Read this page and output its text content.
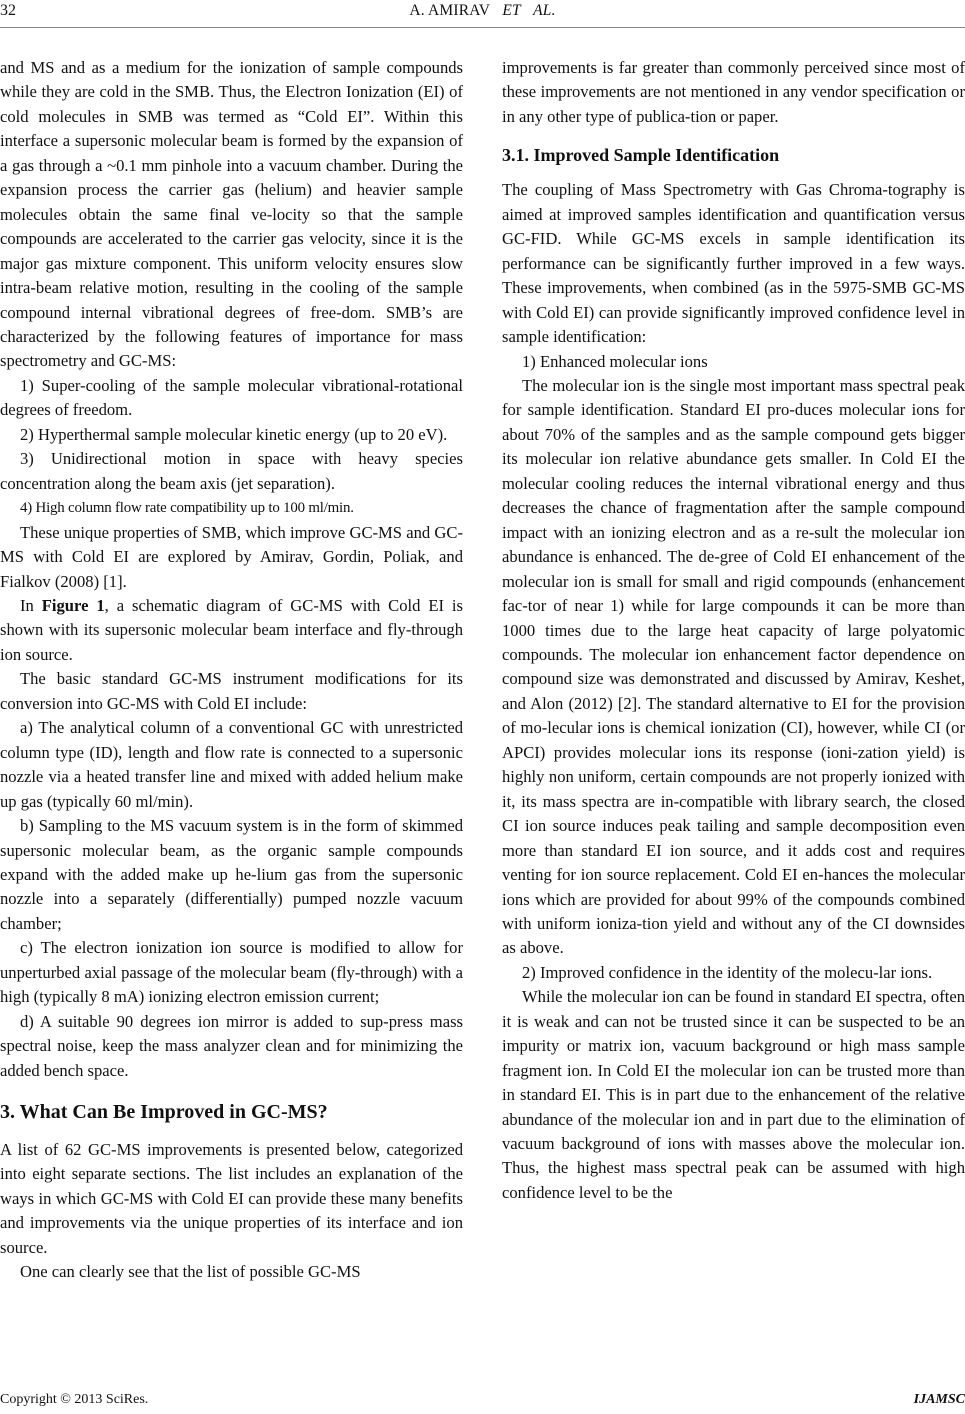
32	A. AMIRAV ET AL.

and MS and as a medium for the ionization of sample compounds while they are cold in the SMB. Thus, the Electron Ionization (EI) of cold molecules in SMB was termed as “Cold EI”. Within this interface a supersonic molecular beam is formed by the expansion of a gas through a ~0.1 mm pinhole into a vacuum chamber. During the expansion process the carrier gas (helium) and heavier sample molecules obtain the same final ve-locity so that the sample compounds are accelerated to the carrier gas velocity, since it is the major gas mixture component. This uniform velocity ensures slow intra-beam relative motion, resulting in the cooling of the sample compound internal vibrational degrees of free-dom. SMB’s are characterized by the following features of importance for mass spectrometry and GC-MS:

1) Super-cooling of the sample molecular vibrational-rotational degrees of freedom.

2) Hyperthermal sample molecular kinetic energy (up to 20 eV).

3) Unidirectional motion in space with heavy species concentration along the beam axis (jet separation).

4) High column flow rate compatibility up to 100 ml/min.

These unique properties of SMB, which improve GC-MS and GC-MS with Cold EI are explored by Amirav, Gordin, Poliak, and Fialkov (2008) [1].

In Figure 1, a schematic diagram of GC-MS with Cold EI is shown with its supersonic molecular beam interface and fly-through ion source.

The basic standard GC-MS instrument modifications for its conversion into GC-MS with Cold EI include:

a) The analytical column of a conventional GC with unrestricted column type (ID), length and flow rate is connected to a supersonic nozzle via a heated transfer line and mixed with added helium make up gas (typically 60 ml/min).

b) Sampling to the MS vacuum system is in the form of skimmed supersonic molecular beam, as the organic sample compounds expand with the added make up he-lium gas from the supersonic nozzle into a separately (differentially) pumped nozzle vacuum chamber;

c) The electron ionization ion source is modified to allow for unperturbed axial passage of the molecular beam (fly-through) with a high (typically 8 mA) ionizing electron emission current;

d) A suitable 90 degrees ion mirror is added to sup-press mass spectral noise, keep the mass analyzer clean and for minimizing the added bench space.

3. What Can Be Improved in GC-MS?

A list of 62 GC-MS improvements is presented below, categorized into eight separate sections. The list includes an explanation of the ways in which GC-MS with Cold EI can provide these many benefits and improvements via the unique properties of its interface and ion source.

One can clearly see that the list of possible GC-MS

improvements is far greater than commonly perceived since most of these improvements are not mentioned in any vendor specification or in any other type of publica-tion or paper.

3.1. Improved Sample Identification

The coupling of Mass Spectrometry with Gas Chroma-tography is aimed at improved samples identification and quantification versus GC-FID. While GC-MS excels in sample identification its performance can be significantly further improved in a few ways. These improvements, when combined (as in the 5975-SMB GC-MS with Cold EI) can provide significantly improved confidence level in sample identification:

1) Enhanced molecular ions

The molecular ion is the single most important mass spectral peak for sample identification. Standard EI pro-duces molecular ions for about 70% of the samples and as the sample compound gets bigger its molecular ion relative abundance gets smaller. In Cold EI the molecular cooling reduces the internal vibrational energy and thus decreases the chance of fragmentation after the sample compound impact with an ionizing electron and as a re-sult the molecular ion abundance is enhanced. The de-gree of Cold EI enhancement of the molecular ion is small for small and rigid compounds (enhancement fac-tor of near 1) while for large compounds it can be more than 1000 times due to the large heat capacity of large polyatomic compounds. The molecular ion enhancement factor dependence on compound size was demonstrated and discussed by Amirav, Keshet, and Alon (2012) [2]. The standard alternative to EI for the provision of mo-lecular ions is chemical ionization (CI), however, while CI (or APCI) provides molecular ions its response (ioni-zation yield) is highly non uniform, certain compounds are not properly ionized with it, its mass spectra are in-compatible with library search, the closed CI ion source induces peak tailing and sample decomposition even more than standard EI ion source, and it adds cost and requires venting for ion source replacement. Cold EI en-hances the molecular ions which are provided for about 99% of the compounds combined with uniform ioniza-tion yield and without any of the CI downsides as above.

2) Improved confidence in the identity of the molecu-lar ions.

While the molecular ion can be found in standard EI spectra, often it is weak and can not be trusted since it can be suspected to be an impurity or matrix ion, vacuum background or high mass sample fragment ion. In Cold EI the molecular ion can be trusted more than in standard EI. This is in part due to the enhancement of the relative abundance of the molecular ion and in part due to the elimination of vacuum background of ions with masses above the molecular ion. Thus, the highest mass spectral peak can be assumed with high confidence level to be the

Copyright © 2013 SciRes.	IJAMSC
